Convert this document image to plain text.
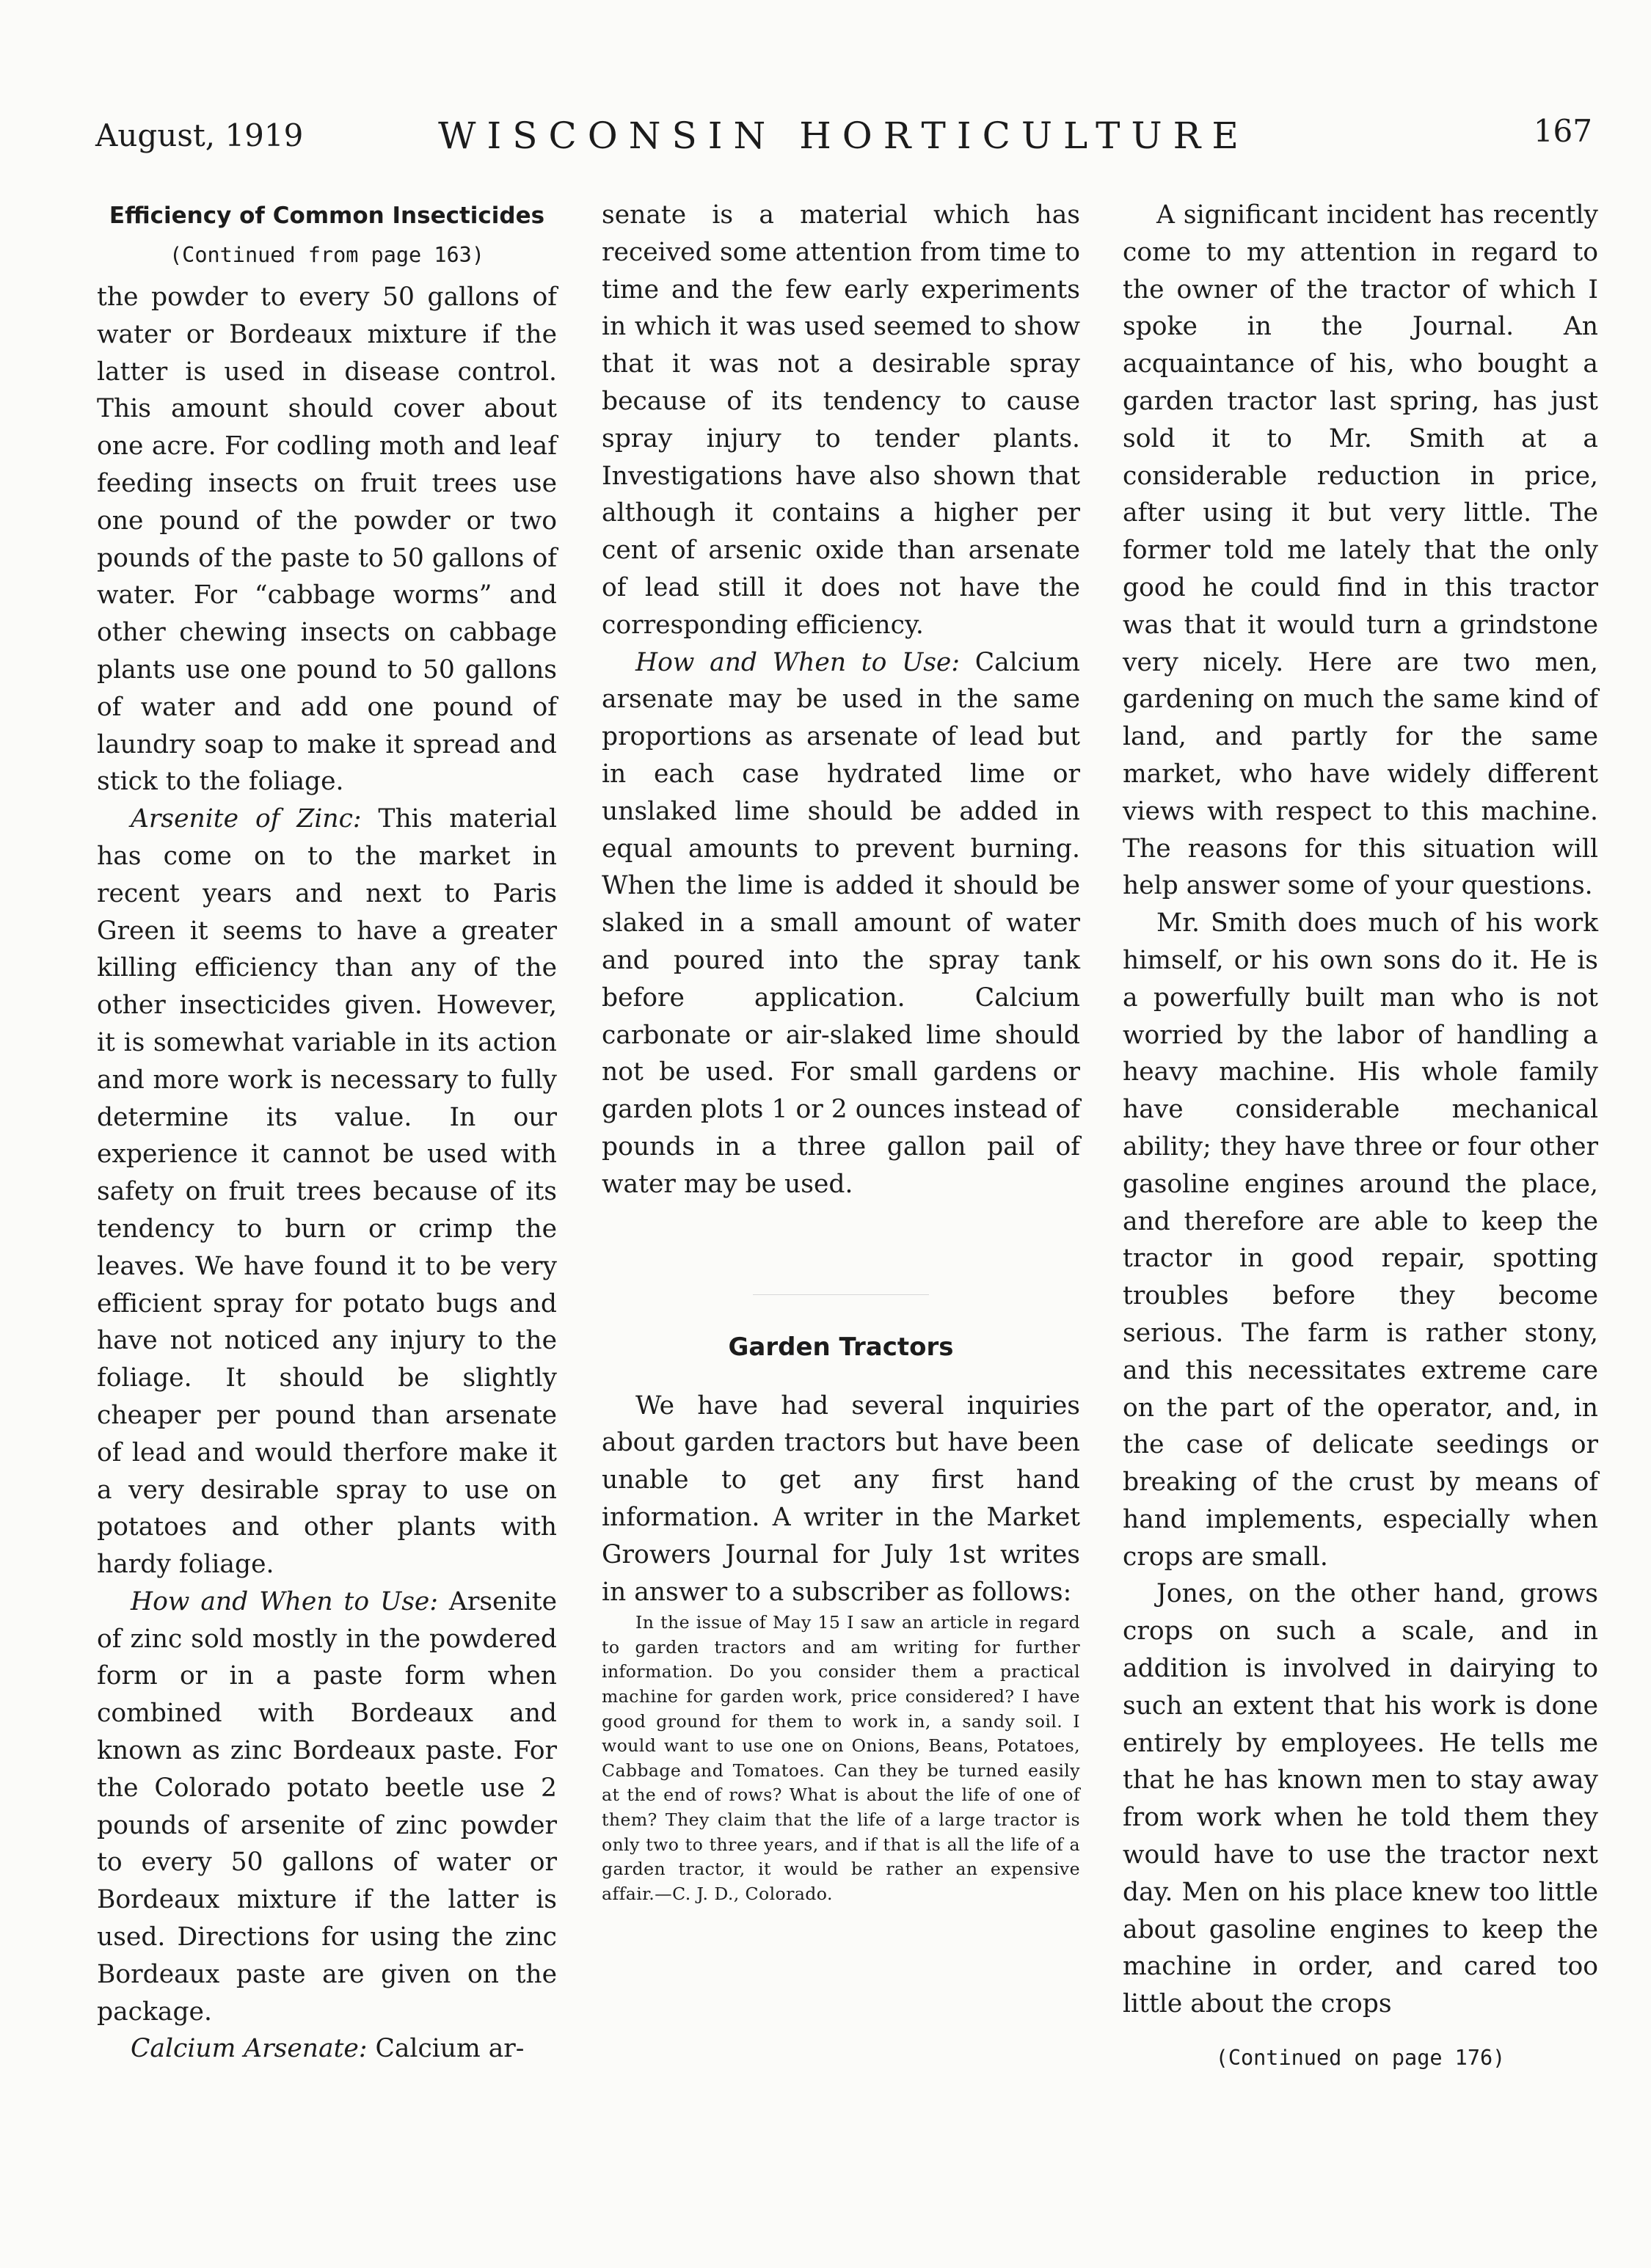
August, 1919	WISCONSIN HORTICULTURE	167
Efficiency of Common Insecticides
(Continued from page 163)

the powder to every 50 gallons of water or Bordeaux mixture if the latter is used in disease control. This amount should cover about one acre. For codling moth and leaf feeding insects on fruit trees use one pound of the powder or two pounds of the paste to 50 gallons of water. For “cabbage worms” and other chewing insects on cabbage plants use one pound to 50 gallons of water and add one pound of laundry soap to make it spread and stick to the foliage.

Arsenite of Zinc: This material has come on to the market in recent years and next to Paris Green it seems to have a greater killing efficiency than any of the other insecticides given. However, it is somewhat variable in its action and more work is necessary to fully determine its value. In our experience it cannot be used with safety on fruit trees because of its tendency to burn or crimp the leaves. We have found it to be very efficient spray for potato bugs and have not noticed any injury to the foliage. It should be slightly cheaper per pound than arsenate of lead and would therfore make it a very desirable spray to use on potatoes and other plants with hardy foliage.

How and When to Use: Arsenite of zinc sold mostly in the powdered form or in a paste form when combined with Bordeaux and known as zinc Bordeaux paste. For the Colorado potato beetle use 2 pounds of arsenite of zinc powder to every 50 gallons of water or Bordeaux mixture if the latter is used. Directions for using the zinc Bordeaux paste are given on the package.

Calcium Arsenate: Calcium ar-

senate is a material which has received some attention from time to time and the few early experiments in which it was used seemed to show that it was not a desirable spray because of its tendency to cause spray injury to tender plants. Investigations have also shown that although it contains a higher per cent of arsenic oxide than arsenate of lead still it does not have the corresponding efficiency.

How and When to Use: Calcium arsenate may be used in the same proportions as arsenate of lead but in each case hydrated lime or unslaked lime should be added in equal amounts to prevent burning. When the lime is added it should be slaked in a small amount of water and poured into the spray tank before application. Calcium carbonate or air-slaked lime should not be used. For small gardens or garden plots 1 or 2 ounces instead of pounds in a three gallon pail of water may be used.

Garden Tractors

We have had several inquiries about garden tractors but have been unable to get any first hand information. A writer in the Market Growers Journal for July 1st writes in answer to a subscriber as follows:

In the issue of May 15 I saw an article in regard to garden tractors and am writing for further information. Do you consider them a practical machine for garden work, price considered? I have good ground for them to work in, a sandy soil. I would want to use one on Onions, Beans, Potatoes, Cabbage and Tomatoes. Can they be turned easily at the end of rows? What is about the life of one of them? They claim that the life of a large tractor is only two to three years, and if that is all the life of a garden tractor, it would be rather an expensive affair.—C. J. D., Colorado.

A significant incident has recently come to my attention in regard to the owner of the tractor of which I spoke in the Journal. An acquaintance of his, who bought a garden tractor last spring, has just sold it to Mr. Smith at a considerable reduction in price, after using it but very little. The former told me lately that the only good he could find in this tractor was that it would turn a grindstone very nicely. Here are two men, gardening on much the same kind of land, and partly for the same market, who have widely different views with respect to this machine. The reasons for this situation will help answer some of your questions.

Mr. Smith does much of his work himself, or his own sons do it. He is a powerfully built man who is not worried by the labor of handling a heavy machine. His whole family have considerable mechanical ability; they have three or four other gasoline engines around the place, and therefore are able to keep the tractor in good repair, spotting troubles before they become serious. The farm is rather stony, and this necessitates extreme care on the part of the operator, and, in the case of delicate seedings or breaking of the crust by means of hand implements, especially when crops are small.

Jones, on the other hand, grows crops on such a scale, and in addition is involved in dairying to such an extent that his work is done entirely by employees. He tells me that he has known men to stay away from work when he told them they would have to use the tractor next day. Men on his place knew too little about gasoline engines to keep the machine in order, and cared too little about the crops

(Continued on page 176)
